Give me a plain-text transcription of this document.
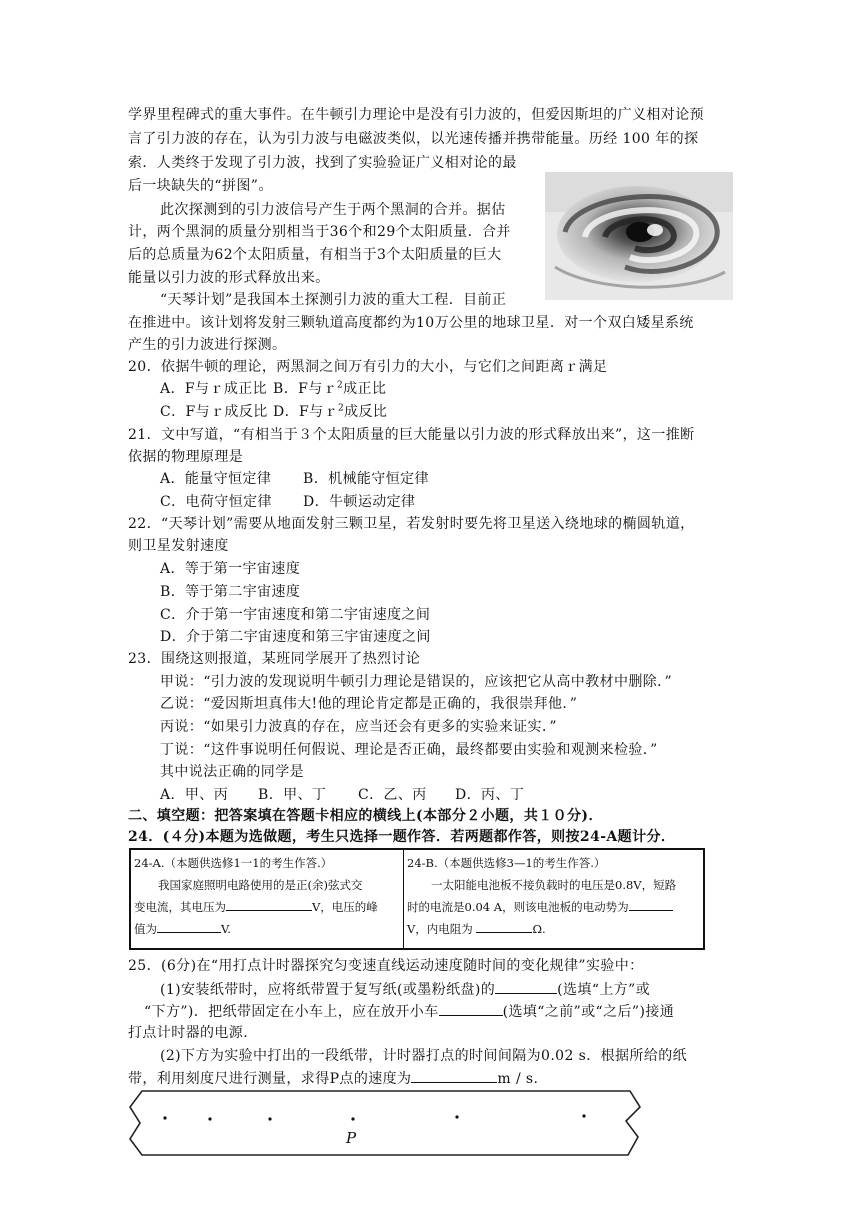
学界里程碑式的重大事件。在牛顿引力理论中是没有引力波的，但爱因斯坦的广义相对论预
言了引力波的存在，认为引力波与电磁波类似，以光速传播并携带能量。历经 100 年的探
索．人类终于发现了引力波，找到了实验验证广义相对论的最
后一块缺失的“拼图”。
此次探测到的引力波信号产生于两个黑洞的合并。据估
计，两个黑洞的质量分别相当于36个和29个太阳质量．合并
后的总质量为62个太阳质量，有相当于3个太阳质量的巨大
能量以引力波的形式释放出来。
“天琴计划”是我国本土探测引力波的重大工程．目前正
在推进中。该计划将发射三颗轨道高度都约为10万公里的地球卫星．对一个双白矮星系统
产生的引力波进行探测。
20．依据牛顿的理论，两黑洞之间万有引力的大小，与它们之间距离ｒ满足
A．F与ｒ成正比 B．F与ｒ$^2$成正比
C．F与ｒ成反比 D．F与ｒ$^2$成反比
21．文中写道，“有相当于３个太阳质量的巨大能量以引力波的形式释放出来”，这一推断
依据的物理原理是
A．能量守恒定律 B．机械能守恒定律
C．电荷守恒定律 D．牛顿运动定律
22．“天琴计划”需要从地面发射三颗卫星，若发射时要先将卫星送入绕地球的椭圆轨道，
则卫星发射速度
A．等于第一宇宙速度
B．等于第二宇宙速度
C．介于第一宇宙速度和第二宇宙速度之间
D．介于第二宇宙速度和第三宇宙速度之间
23．围绕这则报道，某班同学展开了热烈讨论
甲说：“引力波的发现说明牛顿引力理论是错误的，应该把它从高中教材中删除．”
乙说：“爱因斯坦真伟大!他的理论肯定都是正确的，我很崇拜他．”
丙说：“如果引力波真的存在，应当还会有更多的实验来证实．”
丁说：“这件事说明任何假说、理论是否正确，最终都要由实验和观测来检验．”
其中说法正确的同学是
A．甲、丙 B．甲、丁 C．乙、丙 D．丙、丁
二、填空题：把答案填在答题卡相应的横线上(本部分２小题，共１０分)．
24．(４分)本题为选做题，考生只选择一题作答．若两题都作答，则按24-A题计分．
24-A.（本题供选修1一1的考生作答.）
我国家庭照明电路使用的是正(余)弦式交
变电流，其电压为	V，电压的峰
值为	V.
24-B.（本题供选修3—1的考生作答.）
一太阳能电池板不接负载时的电压是0.8V，短路
时的电流是0.04 A，则该电池板的电动势为
V，内电阻为	Ω.
25．(6分)在“用打点计时器探究匀变速直线运动速度随时间的变化规律”实验中：
(1)安装纸带时，应将纸带置于复写纸(或墨粉纸盘)的	(选填“上方”或
“下方”)．把纸带固定在小车上，应在放开小车	(选填“之前”或“之后”)接通
打点计时器的电源.
(2)下方为实验中打出的一段纸带，计时器打点的时间间隔为0.02 s．根据所给的纸
带，利用刻度尺进行测量，求得P点的速度为	m / s.
P
